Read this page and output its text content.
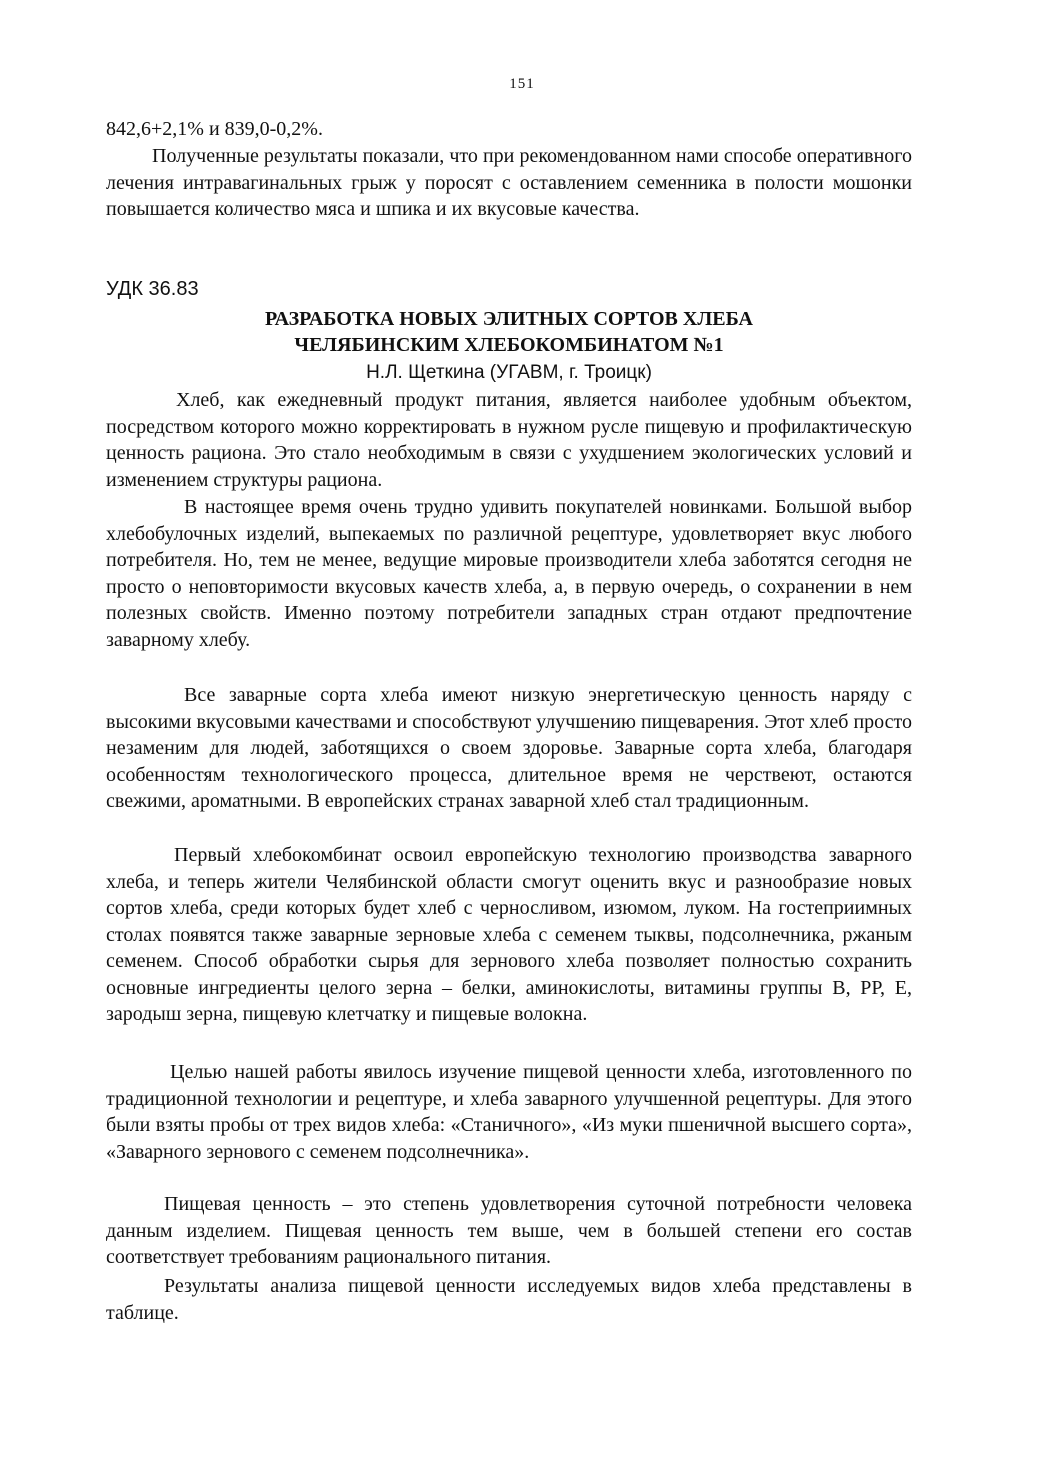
151
842,6+2,1% и 839,0-0,2%.

Полученные результаты показали, что при рекомендованном нами способе оперативного лечения интравагинальных грыж у поросят с оставлением семенника в полости мошонки повышается количество мяса и шпика и их вкусовые качества.

УДК 36.83
РАЗРАБОТКА НОВЫХ ЭЛИТНЫХ СОРТОВ ХЛЕБА
ЧЕЛЯБИНСКИМ ХЛЕБОКОМБИНАТОМ №1
Н.Л. Щеткина (УГАВМ, г. Троицк)

Хлеб, как ежедневный продукт питания, является наиболее удобным объектом, посредством которого можно корректировать в нужном русле пищевую и профилактическую ценность рациона. Это стало необходимым в связи с ухудшением экологических условий и изменением структуры рациона.

В настоящее время очень трудно удивить покупателей новинками. Большой выбор хлебобулочных изделий, выпекаемых по различной рецептуре, удовлетворяет вкус любого потребителя. Но, тем не менее, ведущие мировые производители хлеба заботятся сегодня не просто о неповторимости вкусовых качеств хлеба, а, в первую очередь, о сохранении в нем полезных свойств. Именно поэтому потребители западных стран отдают предпочтение заварному хлебу.

Все заварные сорта хлеба имеют низкую энергетическую ценность наряду с высокими вкусовыми качествами и способствуют улучшению пищеварения. Этот хлеб просто незаменим для людей, заботящихся о своем здоровье. Заварные сорта хлеба, благодаря особенностям технологического процесса, длительное время не черствеют, остаются свежими, ароматными. В европейских странах заварной хлеб стал традиционным.

Первый хлебокомбинат освоил европейскую технологию производства заварного хлеба, и теперь жители Челябинской области смогут оценить вкус и разнообразие новых сортов хлеба, среди которых будет хлеб с черносливом, изюмом, луком. На гостеприимных столах появятся также заварные зерновые хлеба с семенем тыквы, подсолнечника, ржаным семенем. Способ обработки сырья для зернового хлеба позволяет полностью сохранить основные ингредиенты целого зерна – белки, аминокислоты, витамины группы В, РР, Е, зародыш зерна, пищевую клетчатку и пищевые волокна.

Целью нашей работы явилось изучение пищевой ценности хлеба, изготовленного по традиционной технологии и рецептуре, и хлеба заварного улучшенной рецептуры. Для этого были взяты пробы от трех видов хлеба: «Станичного», «Из муки пшеничной высшего сорта», «Заварного зернового с семенем подсолнечника».

Пищевая ценность – это степень удовлетворения суточной потребности человека данным изделием. Пищевая ценность тем выше, чем в большей степени его состав соответствует требованиям рационального питания.

Результаты анализа пищевой ценности исследуемых видов хлеба представлены в таблице.
